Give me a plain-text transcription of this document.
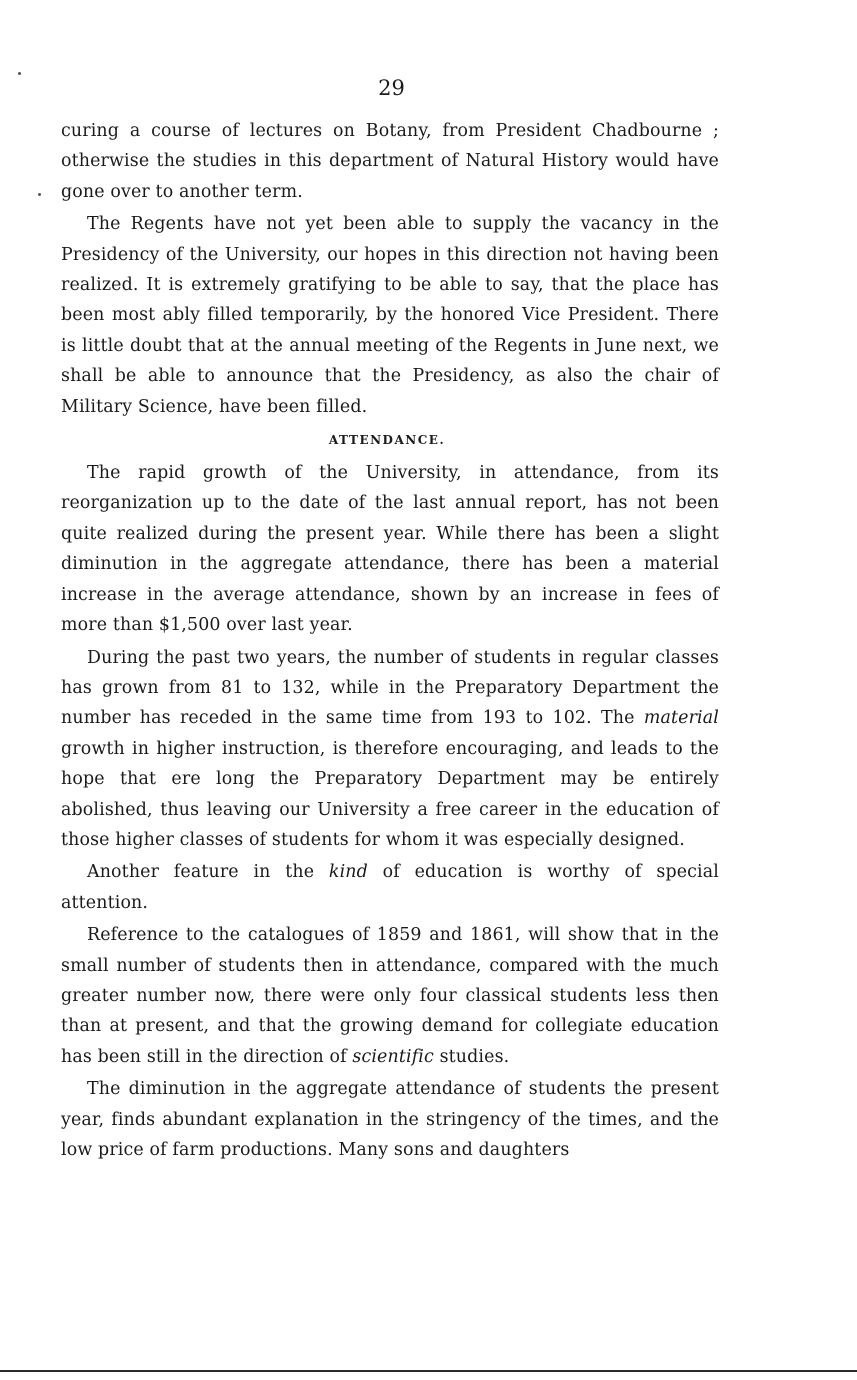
29

curing a course of lectures on Botany, from President Chadbourne ; otherwise the studies in this department of Natural History would have gone over to another term.

The Regents have not yet been able to supply the vacancy in the Presidency of the University, our hopes in this direction not having been realized. It is extremely gratifying to be able to say, that the place has been most ably filled temporarily, by the honored Vice President. There is little doubt that at the annual meeting of the Regents in June next, we shall be able to announce that the Presidency, as also the chair of Military Science, have been filled.

ATTENDANCE.

The rapid growth of the University, in attendance, from its reorganization up to the date of the last annual report, has not been quite realized during the present year. While there has been a slight diminution in the aggregate attendance, there has been a material increase in the average attendance, shown by an increase in fees of more than $1,500 over last year.

During the past two years, the number of students in regular classes has grown from 81 to 132, while in the Preparatory Department the number has receded in the same time from 193 to 102. The material growth in higher instruction, is therefore encouraging, and leads to the hope that ere long the Preparatory Department may be entirely abolished, thus leaving our University a free career in the education of those higher classes of students for whom it was especially designed.

Another feature in the kind of education is worthy of special attention.

Reference to the catalogues of 1859 and 1861, will show that in the small number of students then in attendance, compared with the much greater number now, there were only four classical students less then than at present, and that the growing demand for collegiate education has been still in the direction of scientific studies.

The diminution in the aggregate attendance of students the present year, finds abundant explanation in the stringency of the times, and the low price of farm productions. Many sons and daughters
